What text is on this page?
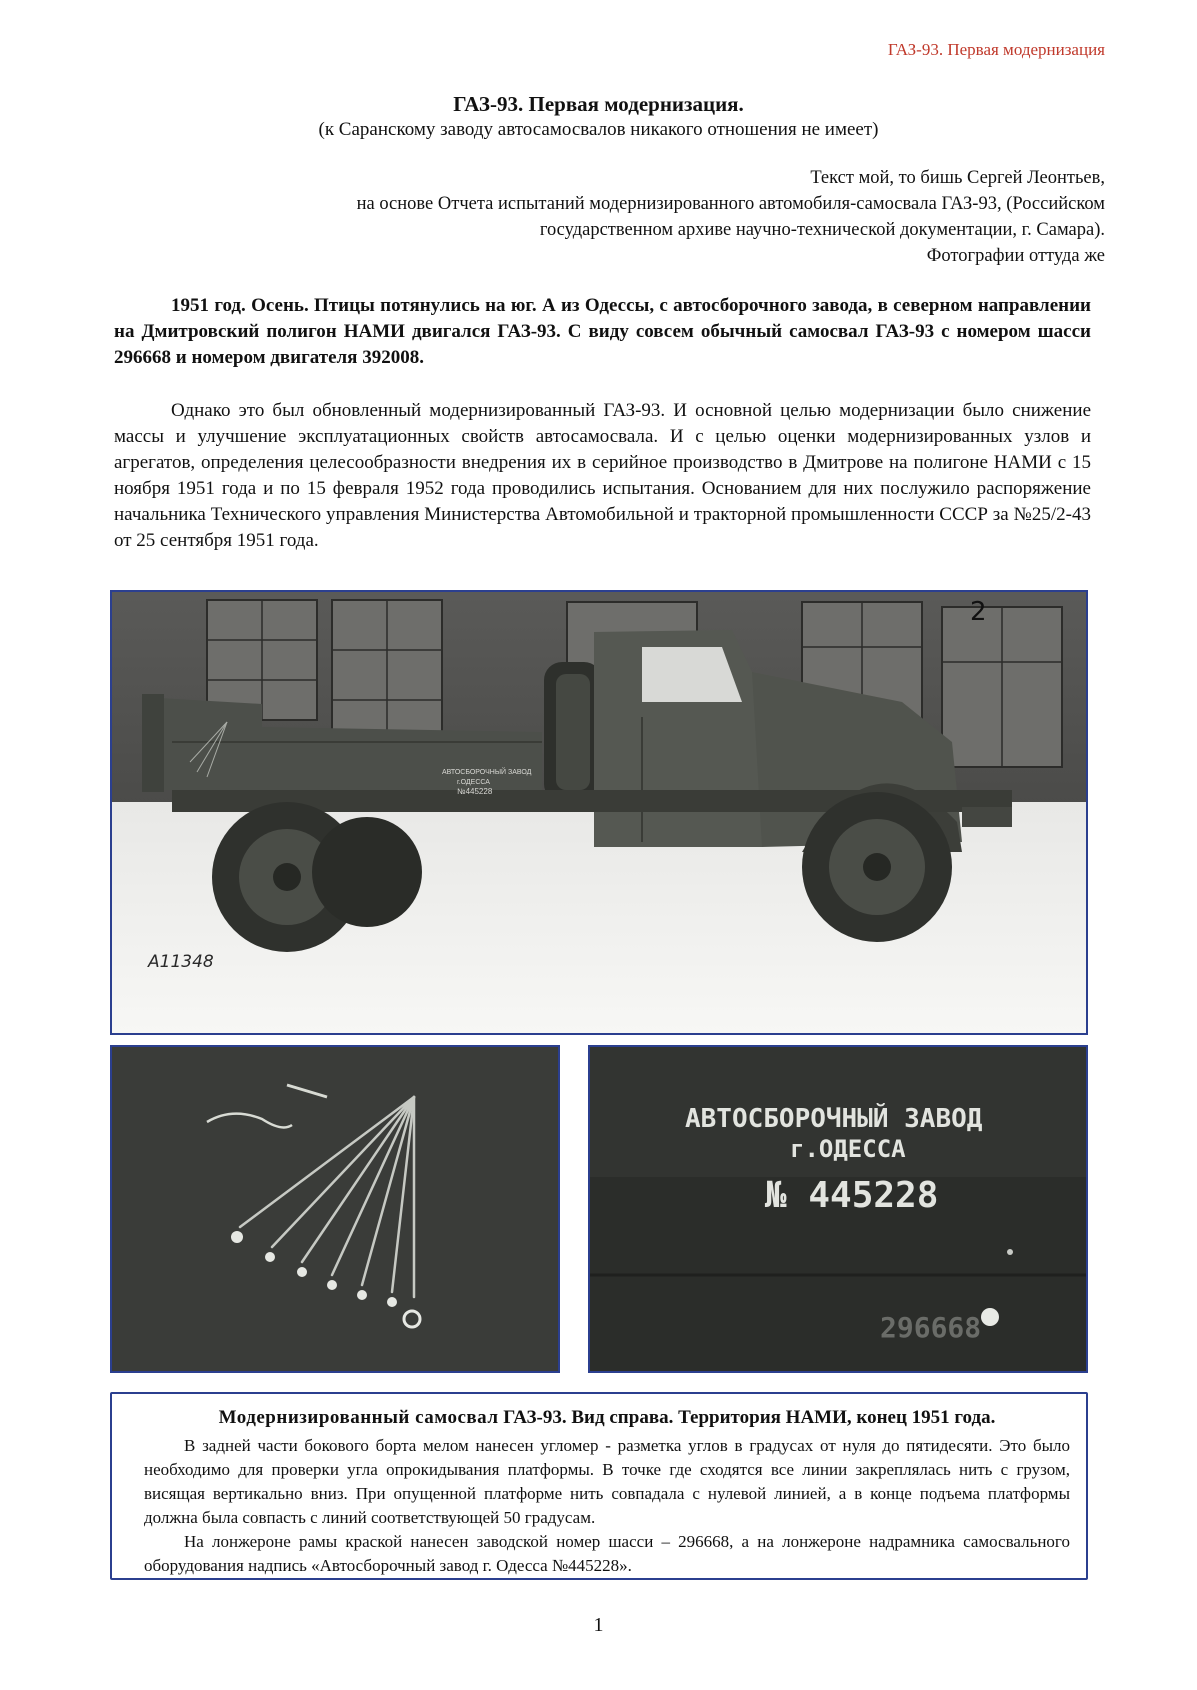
ГАЗ-93. Первая модернизация
ГАЗ-93. Первая модернизация.
(к Саранскому заводу автосамосвалов никакого отношения не имеет)
Текст мой, то бишь Сергей Леонтьев,
на основе Отчета испытаний модернизированного автомобиля-самосвала ГАЗ-93, (Российском
государственном архиве научно-технической документации, г. Самара).
Фотографии оттуда же

1951 год. Осень. Птицы потянулись на юг. А из Одессы, с автосборочного завода, в северном направлении на Дмитровский полигон НАМИ двигался ГАЗ-93. С виду совсем обычный самосвал ГАЗ-93 с номером шасси 296668 и номером двигателя 392008.

Однако это был обновленный модернизированный ГАЗ-93. И основной целью модернизации было снижение массы и улучшение эксплуатационных свойств автосамосвала. И с целью оценки модернизированных узлов и агрегатов, определения целесообразности внедрения их в серийное производство в Дмитрове на полигоне НАМИ с 15 ноября 1951 года и по 15 февраля 1952 года проводились испытания. Основанием для них послужило распоряжение начальника Технического управления Министерства Автомобильной и тракторной промышленности СССР за №25/2-43 от 25 сентября 1951 года.

АВТОСБОРОЧНЫЙ ЗАВОД
г.ОДЕССА
№445228
2
А11348
АВТОСБОРОЧНЫЙ ЗАВОД
г.ОДЕССА
№ 445228
296668
Модернизированный самосвал ГАЗ-93. Вид справа. Территория НАМИ, конец 1951 года.

В задней части бокового борта мелом нанесен угломер - разметка углов в градусах от нуля до пятидесяти. Это было необходимо для проверки угла опрокидывания платформы. В точке где сходятся все линии закреплялась нить с грузом, висящая вертикально вниз. При опущенной платформе нить совпадала с нулевой линией, а в конце подъема платформы должна была совпасть с линий соответствующей 50 градусам.

На лонжероне рамы краской нанесен заводской номер шасси – 296668, а на лонжероне надрамника самосвального оборудования надпись «Автосборочный завод г. Одесса №445228».

1
